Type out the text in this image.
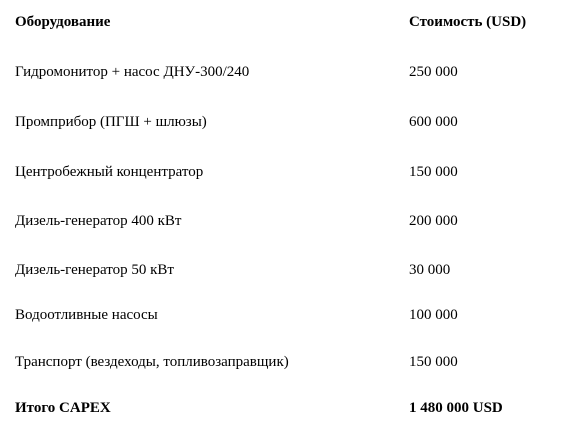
Оборудование	Стоимость (USD)
Гидромонитор + насос ДНУ-300/240	250 000
Промприбор (ПГШ + шлюзы)	600 000
Центробежный концентратор	150 000
Дизель-генератор 400 кВт	200 000
Дизель-генератор 50 кВт	30 000
Водоотливные насосы	100 000
Транспорт (вездеходы, топливозаправщик)	150 000
Итого CAPEX	1 480 000 USD
